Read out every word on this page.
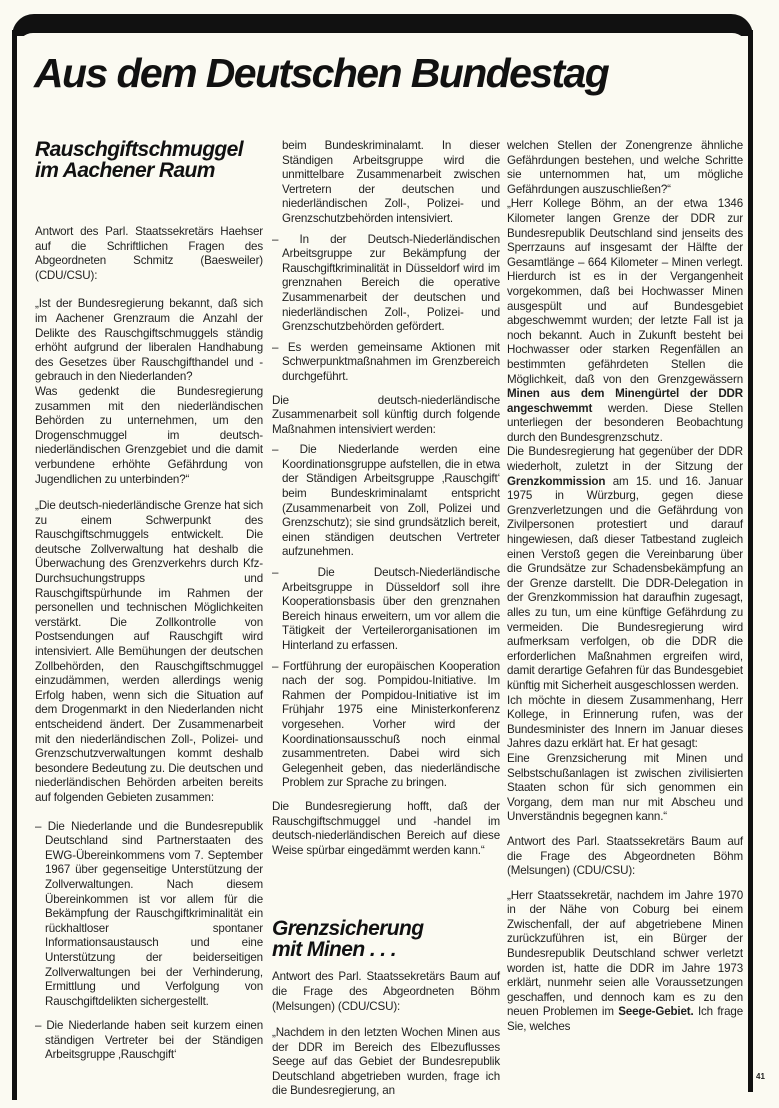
Aus dem Deutschen Bundestag
Rauschgiftschmuggel
im Aachener Raum

Antwort des Parl. Staatssekretärs Haehser auf die Schriftlichen Fragen des Abgeordneten Schmitz (Baesweiler) (CDU/CSU):

„Ist der Bundesregierung bekannt, daß sich im Aachener Grenzraum die Anzahl der Delikte des Rauschgiftschmuggels ständig erhöht aufgrund der liberalen Handhabung des Gesetzes über Rauschgifthandel und -gebrauch in den Niederlanden?

Was gedenkt die Bundesregierung zusammen mit den niederländischen Behörden zu unternehmen, um den Drogenschmuggel im deutsch-niederländischen Grenzgebiet und die damit verbundene erhöhte Gefährdung von Jugendlichen zu unterbinden?“

„Die deutsch-niederländische Grenze hat sich zu einem Schwerpunkt des Rauschgiftschmuggels entwickelt. Die deutsche Zollverwaltung hat deshalb die Überwachung des Grenzverkehrs durch Kfz-Durchsuchungstrupps und Rauschgiftspürhunde im Rahmen der personellen und technischen Möglichkeiten verstärkt. Die Zollkontrolle von Postsendungen auf Rauschgift wird intensiviert. Alle Bemühungen der deutschen Zollbehörden, den Rauschgiftschmuggel einzudämmen, werden allerdings wenig Erfolg haben, wenn sich die Situation auf dem Drogenmarkt in den Niederlanden nicht entscheidend ändert. Der Zusammenarbeit mit den niederländischen Zoll-, Polizei- und Grenzschutzverwaltungen kommt deshalb besondere Bedeutung zu. Die deutschen und niederländischen Behörden arbeiten bereits auf folgenden Gebieten zusammen:

– Die Niederlande und die Bundesrepublik Deutschland sind Partnerstaaten des EWG-Übereinkommens vom 7. September 1967 über gegenseitige Unterstützung der Zollverwaltungen. Nach diesem Übereinkommen ist vor allem für die Bekämpfung der Rauschgiftkriminalität ein rückhaltloser spontaner Informationsaustausch und eine Unterstützung der beiderseitigen Zollverwaltungen bei der Verhinderung, Ermittlung und Verfolgung von Rauschgiftdelikten sichergestellt.

– Die Niederlande haben seit kurzem einen ständigen Vertreter bei der Ständigen Arbeitsgruppe ‚Rauschgift‘

beim Bundeskriminalamt. In dieser Ständigen Arbeitsgruppe wird die unmittelbare Zusammenarbeit zwischen Vertretern der deutschen und niederländischen Zoll-, Polizei- und Grenzschutzbehörden intensiviert.

– In der Deutsch-Niederländischen Arbeitsgruppe zur Bekämpfung der Rauschgiftkriminalität in Düsseldorf wird im grenznahen Bereich die operative Zusammenarbeit der deutschen und niederländischen Zoll-, Polizei- und Grenzschutzbehörden gefördert.

– Es werden gemeinsame Aktionen mit Schwerpunktmaßnahmen im Grenzbereich durchgeführt.

Die deutsch-niederländische Zusammenarbeit soll künftig durch folgende Maßnahmen intensiviert werden:

– Die Niederlande werden eine Koordinationsgruppe aufstellen, die in etwa der Ständigen Arbeitsgruppe ‚Rauschgift‘ beim Bundeskriminalamt entspricht (Zusammenarbeit von Zoll, Polizei und Grenzschutz); sie sind grundsätzlich bereit, einen ständigen deutschen Vertreter aufzunehmen.

– Die Deutsch-Niederländische Arbeitsgruppe in Düsseldorf soll ihre Kooperationsbasis über den grenznahen Bereich hinaus erweitern, um vor allem die Tätigkeit der Verteilerorganisationen im Hinterland zu erfassen.

– Fortführung der europäischen Kooperation nach der sog. Pompidou-Initiative. Im Rahmen der Pompidou-Initiative ist im Frühjahr 1975 eine Ministerkonferenz vorgesehen. Vorher wird der Koordinationsausschuß noch einmal zusammentreten. Dabei wird sich Gelegenheit geben, das niederländische Problem zur Sprache zu bringen.

Die Bundesregierung hofft, daß der Rauschgiftschmuggel und -handel im deutsch-niederländischen Bereich auf diese Weise spürbar eingedämmt werden kann.“

Grenzsicherung
mit Minen . . .

Antwort des Parl. Staatssekretärs Baum auf die Frage des Abgeordneten Böhm (Melsungen) (CDU/CSU):

„Nachdem in den letzten Wochen Minen aus der DDR im Bereich des Elbezuflusses Seege auf das Gebiet der Bundesrepublik Deutschland abgetrieben wurden, frage ich die Bundesregierung, an

welchen Stellen der Zonengrenze ähnliche Gefährdungen bestehen, und welche Schritte sie unternommen hat, um mögliche Gefährdungen auszuschließen?“

„Herr Kollege Böhm, an der etwa 1346 Kilometer langen Grenze der DDR zur Bundesrepublik Deutschland sind jenseits des Sperrzauns auf insgesamt der Hälfte der Gesamtlänge – 664 Kilometer – Minen verlegt. Hierdurch ist es in der Vergangenheit vorgekommen, daß bei Hochwasser Minen ausgespült und auf Bundesgebiet abgeschwemmt wurden; der letzte Fall ist ja noch bekannt. Auch in Zukunft besteht bei Hochwasser oder starken Regenfällen an bestimmten gefährdeten Stellen die Möglichkeit, daß von den Grenzgewässern Minen aus dem Minengürtel der DDR angeschwemmt werden. Diese Stellen unterliegen der besonderen Beobachtung durch den Bundesgrenzschutz.

Die Bundesregierung hat gegenüber der DDR wiederholt, zuletzt in der Sitzung der Grenzkommission am 15. und 16. Januar 1975 in Würzburg, gegen diese Grenzverletzungen und die Gefährdung von Zivilpersonen protestiert und darauf hingewiesen, daß dieser Tatbestand zugleich einen Verstoß gegen die Vereinbarung über die Grundsätze zur Schadensbekämpfung an der Grenze darstellt. Die DDR-Delegation in der Grenzkommission hat daraufhin zugesagt, alles zu tun, um eine künftige Gefährdung zu vermeiden. Die Bundesregierung wird aufmerksam verfolgen, ob die DDR die erforderlichen Maßnahmen ergreifen wird, damit derartige Gefahren für das Bundesgebiet künftig mit Sicherheit ausgeschlossen werden.

Ich möchte in diesem Zusammenhang, Herr Kollege, in Erinnerung rufen, was der Bundesminister des Innern im Januar dieses Jahres dazu erklärt hat. Er hat gesagt:

Eine Grenzsicherung mit Minen und Selbstschußanlagen ist zwischen zivilisierten Staaten schon für sich genommen ein Vorgang, dem man nur mit Abscheu und Unverständnis begegnen kann.“

Antwort des Parl. Staatssekretärs Baum auf die Frage des Abgeordneten Böhm (Melsungen) (CDU/CSU):

„Herr Staatssekretär, nachdem im Jahre 1970 in der Nähe von Coburg bei einem Zwischenfall, der auf abgetriebene Minen zurückzuführen ist, ein Bürger der Bundesrepublik Deutschland schwer verletzt worden ist, hatte die DDR im Jahre 1973 erklärt, nunmehr seien alle Voraussetzungen geschaffen, und dennoch kam es zu den neuen Problemen im Seege-Gebiet. Ich frage Sie, welches

41
